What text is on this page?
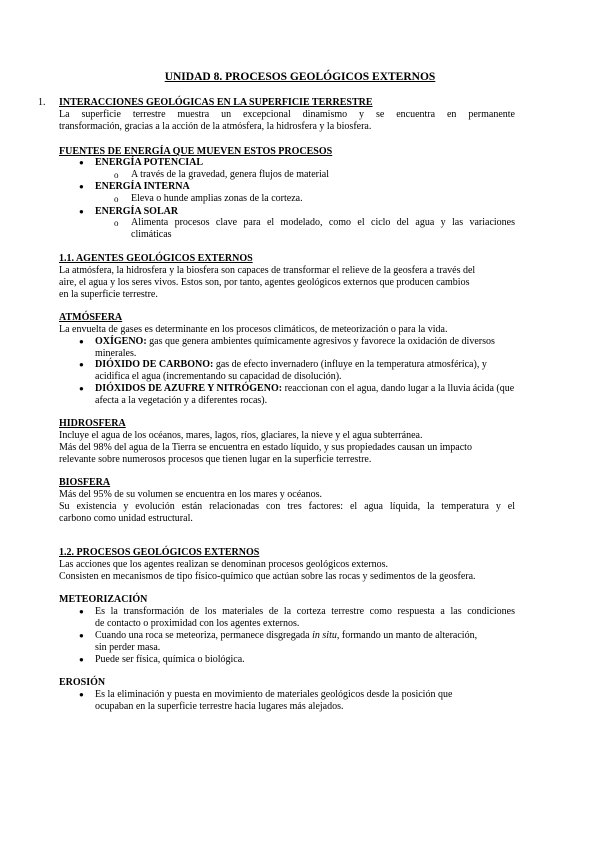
UNIDAD 8. PROCESOS GEOLÓGICOS EXTERNOS
1. INTERACCIONES GEOLÓGICAS EN LA SUPERFICIE TERRESTRE
La superficie terrestre muestra un excepcional dinamismo y se encuentra en permanente
transformación, gracias a la acción de la atmósfera, la hidrosfera y la biosfera.
FUENTES DE ENERGÍA QUE MUEVEN ESTOS PROCESOS
● ENERGÍA POTENCIAL
o A través de la gravedad, genera flujos de material
● ENERGÍA INTERNA
o Eleva o hunde amplias zonas de la corteza.
● ENERGÍA SOLAR
o Alimenta procesos clave para el modelado, como el ciclo del agua y las variaciones
climáticas
1.1. AGENTES GEOLÓGICOS EXTERNOS
La atmósfera, la hidrosfera y la biosfera son capaces de transformar el relieve de la geosfera a través del
aire, el agua y los seres vivos. Estos son, por tanto, agentes geológicos externos que producen cambios
en la superficie terrestre.
ATMÓSFERA
La envuelta de gases es determinante en los procesos climáticos, de meteorización o para la vida.
● OXÍGENO: gas que genera ambientes químicamente agresivos y favorece la oxidación de diversos
minerales.
● DIÓXIDO DE CARBONO: gas de efecto invernadero (influye en la temperatura atmosférica), y
acidifica el agua (incrementando su capacidad de disolución).
● DIÓXIDOS DE AZUFRE Y NITRÓGENO: reaccionan con el agua, dando lugar a la lluvia ácida (que
afecta a la vegetación y a diferentes rocas).
HIDROSFERA
Incluye el agua de los océanos, mares, lagos, ríos, glaciares, la nieve y el agua subterránea.
Más del 98% del agua de la Tierra se encuentra en estado líquido, y sus propiedades causan un impacto
relevante sobre numerosos procesos que tienen lugar en la superficie terrestre.
BIOSFERA
Más del 95% de su volumen se encuentra en los mares y océanos.
Su existencia y evolución están relacionadas con tres factores: el agua líquida, la temperatura y el
carbono como unidad estructural.
1.2. PROCESOS GEOLÓGICOS EXTERNOS
Las acciones que los agentes realizan se denominan procesos geológicos externos.
Consisten en mecanismos de tipo físico-químico que actúan sobre las rocas y sedimentos de la geosfera.
METEORIZACIÓN
● Es la transformación de los materiales de la corteza terrestre como respuesta a las condiciones
de contacto o proximidad con los agentes externos.
● Cuando una roca se meteoriza, permanece disgregada in situ, formando un manto de alteración,
sin perder masa.
● Puede ser física, química o biológica.
EROSIÓN
● Es la eliminación y puesta en movimiento de materiales geológicos desde la posición que
ocupaban en la superficie terrestre hacia lugares más alejados.
